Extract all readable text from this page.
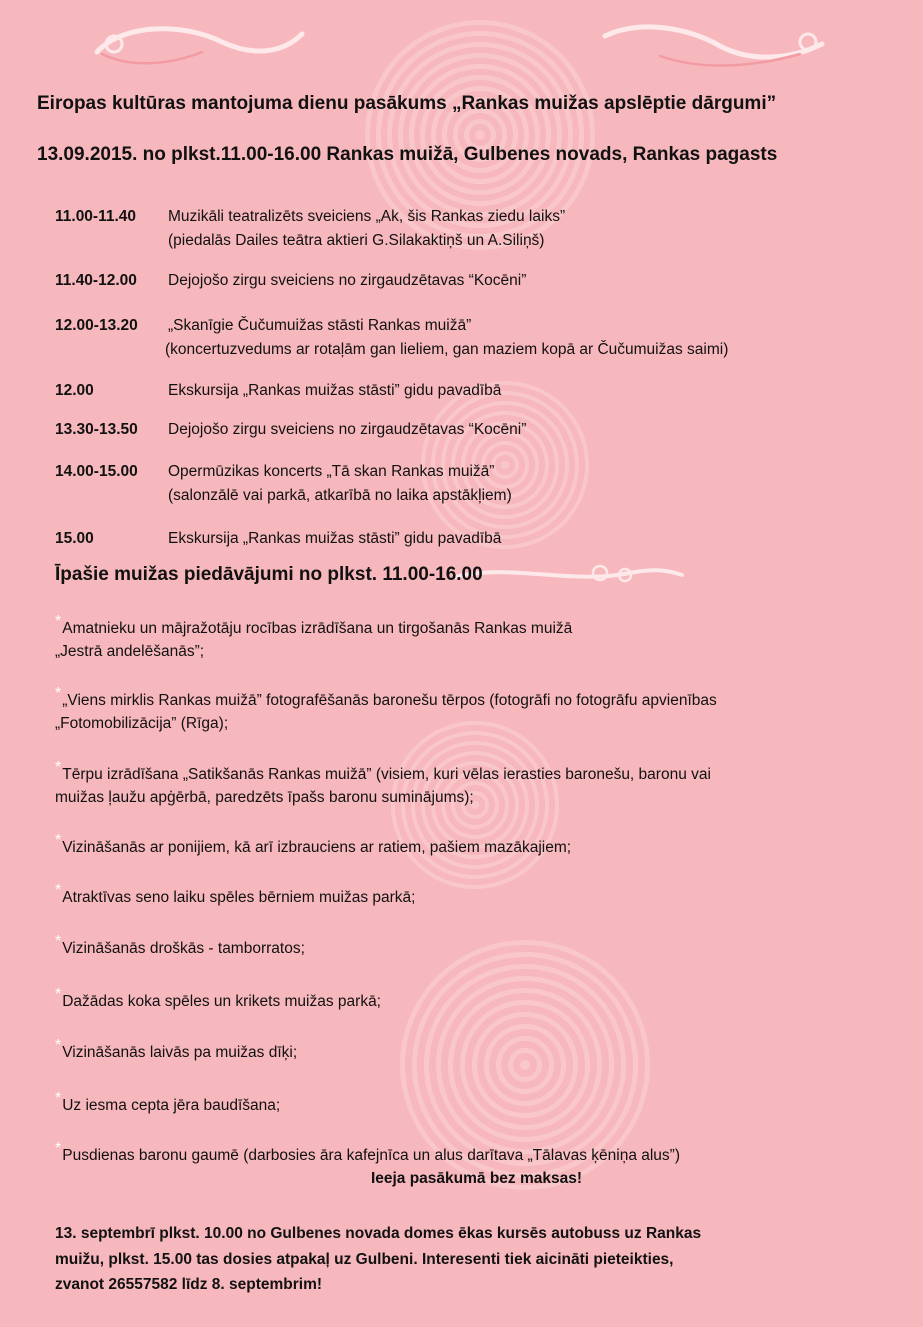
Eiropas kultūras mantojuma dienu pasākums „Rankas muižas apslēptie dārgumi”
13.09.2015. no plkst.11.00-16.00 Rankas muižā, Gulbenes novads, Rankas pagasts
11.00-11.40 Muzikāli teatralizēts sveiciens „Ak, šis Rankas ziedu laiks”
(piedalās Dailes teātra aktieri G.Silakaktiņš un A.Siliņš)
11.40-12.00 Dejojošo zirgu sveiciens no zirgaudzētavas “Kocēni”
12.00-13.20 „Skanīgie Čučumuižas stāsti Rankas muižā”
(koncertuzvedums ar rotaļām gan lieliem, gan maziem kopā ar Čučumuižas saimi)
12.00	Ekskursija „Rankas muižas stāsti” gidu pavadībā
13.30-13.50 Dejojošo zirgu sveiciens no zirgaudzētavas “Kocēni”
14.00-15.00 Opermūzikas koncerts „Tā skan Rankas muižā”
(salonzālē vai parkā, atkarībā no laika apstākļiem)
15.00	Ekskursija „Rankas muižas stāsti” gidu pavadībā
Īpašie muižas piedāvājumi no plkst. 11.00-16.00
*Amatnieku un mājražotāju rocības izrādīšana un tirgošanās Rankas muižā
„Jestrā andelēšanās”;
*„Viens mirklis Rankas muižā” fotografēšanās baronešu tērpos (fotogrāfi no fotogrāfu apvienības
„Fotomobilizācija” (Rīga);
*Tērpu izrādīšana „Satikšanās Rankas muižā” (visiem, kuri vēlas ierasties baronešu, baronu vai
muižas ļaužu apģērbā, paredzēts īpašs baronu suminājums);
*Vizināšanās ar ponijiem, kā arī izbrauciens ar ratiem, pašiem mazākajiem;
*Atraktīvas seno laiku spēles bērniem muižas parkā;
*Vizināšanās droškās - tamborratos;
*Dažādas koka spēles un krikets muižas parkā;
*Vizināšanās laivās pa muižas dīķi;
*Uz iesma cepta jēra baudīšana;
*Pusdienas baronu gaumē (darbosies āra kafejnīca un alus darītava „Tālavas ķēniņa alus”)
Ieeja pasākumā bez maksas!
13. septembrī plkst. 10.00 no Gulbenes novada domes ēkas kursēs autobuss uz Rankas
muižu, plkst. 15.00 tas dosies atpakaļ uz Gulbeni. Interesenti tiek aicināti pieteikties,
zvanot 26557582 līdz 8. septembrim!
